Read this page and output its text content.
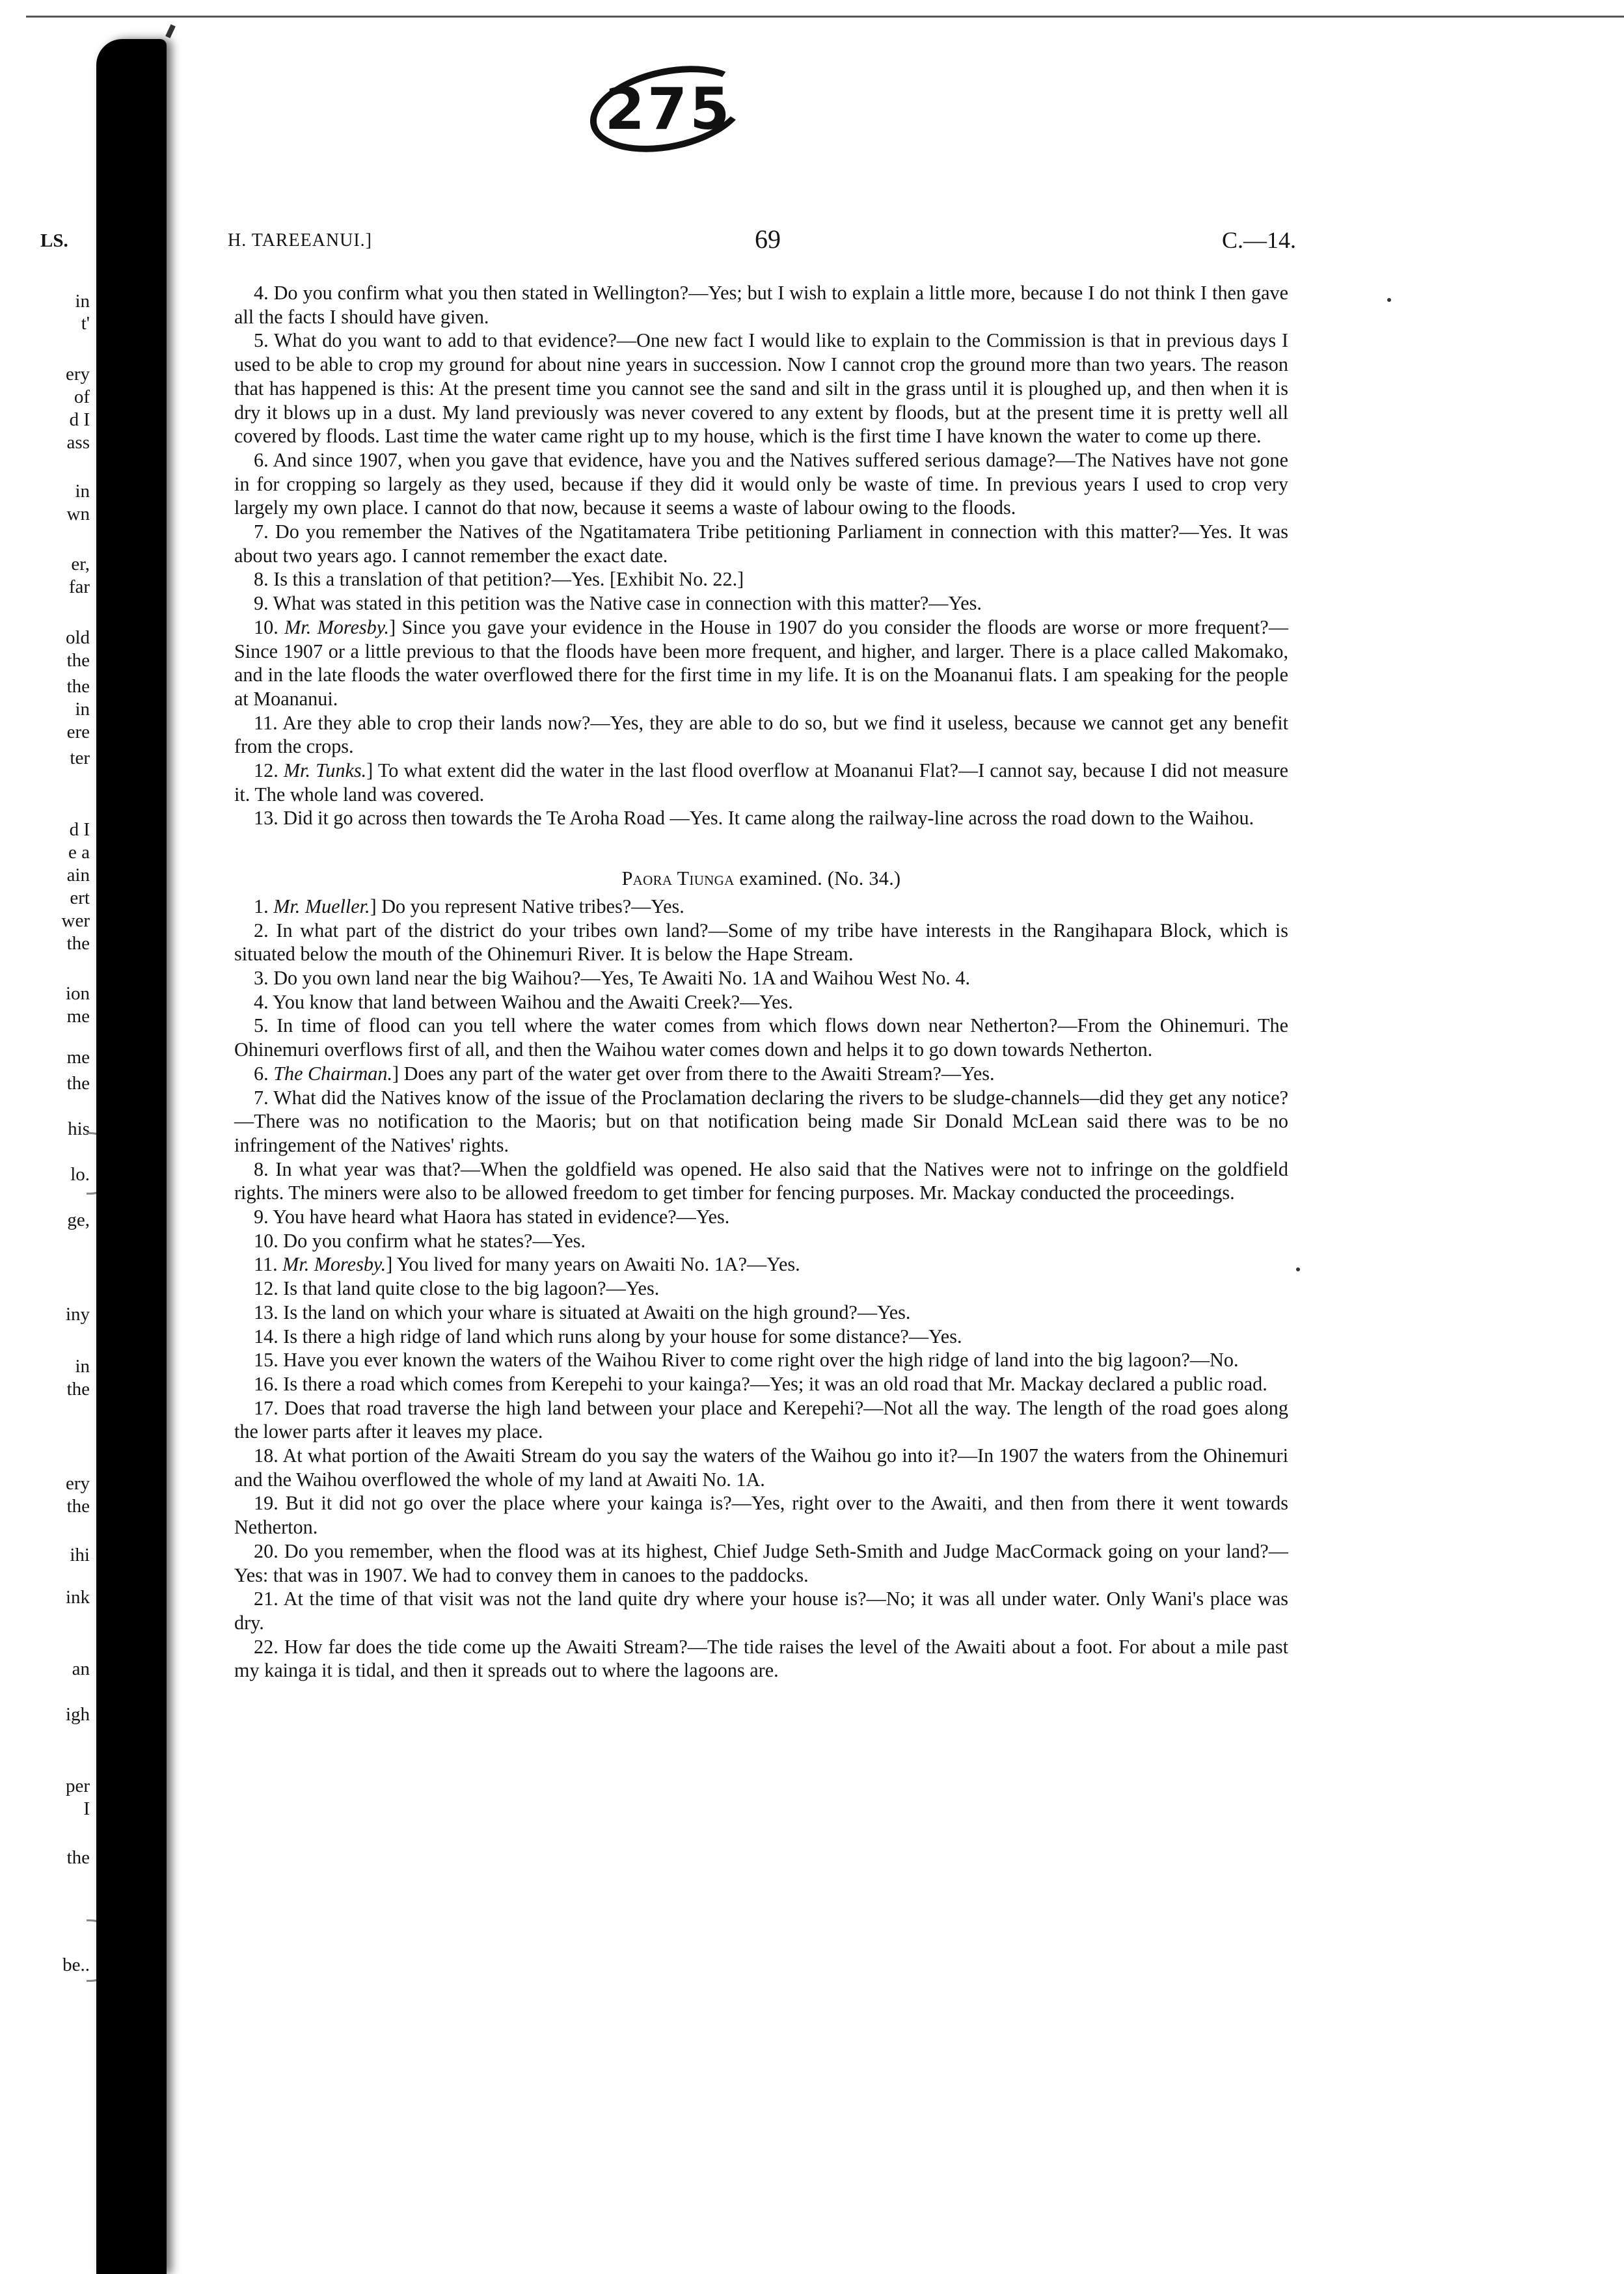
LS.
in
t'
ery
of
d I
ass
in
wn
er,
far
old
the
the
in
ere
ter
d I
e a
ain
ert
wer
the
ion
me
me
the
his
lo.
ge,
iny
in
the
ery
the
ihi
ink
an
igh
per
I
the
be..
275
H. TAREEANUI.]	69	C.—14.

4. Do you confirm what you then stated in Wellington?—Yes; but I wish to explain a little more, because I do not think I then gave all the facts I should have given.

5. What do you want to add to that evidence?—One new fact I would like to explain to the Commission is that in previous days I used to be able to crop my ground for about nine years in succession. Now I cannot crop the ground more than two years. The reason that has happened is this: At the present time you cannot see the sand and silt in the grass until it is ploughed up, and then when it is dry it blows up in a dust. My land previously was never covered to any extent by floods, but at the present time it is pretty well all covered by floods. Last time the water came right up to my house, which is the first time I have known the water to come up there.

6. And since 1907, when you gave that evidence, have you and the Natives suffered serious damage?—The Natives have not gone in for cropping so largely as they used, because if they did it would only be waste of time. In previous years I used to crop very largely my own place. I cannot do that now, because it seems a waste of labour owing to the floods.

7. Do you remember the Natives of the Ngatitamatera Tribe petitioning Parliament in connection with this matter?—Yes. It was about two years ago. I cannot remember the exact date.

8. Is this a translation of that petition?—Yes. [Exhibit No. 22.]

9. What was stated in this petition was the Native case in connection with this matter?—Yes.

10. Mr. Moresby.] Since you gave your evidence in the House in 1907 do you consider the floods are worse or more frequent?—Since 1907 or a little previous to that the floods have been more frequent, and higher, and larger. There is a place called Makomako, and in the late floods the water overflowed there for the first time in my life. It is on the Moananui flats. I am speaking for the people at Moananui.

11. Are they able to crop their lands now?—Yes, they are able to do so, but we find it useless, because we cannot get any benefit from the crops.

12. Mr. Tunks.] To what extent did the water in the last flood overflow at Moananui Flat?—I cannot say, because I did not measure it. The whole land was covered.

13. Did it go across then towards the Te Aroha Road —Yes. It came along the railway-line across the road down to the Waihou.

Paora Tiunga examined. (No. 34.)

1. Mr. Mueller.] Do you represent Native tribes?—Yes.

2. In what part of the district do your tribes own land?—Some of my tribe have interests in the Rangihapara Block, which is situated below the mouth of the Ohinemuri River. It is below the Hape Stream.

3. Do you own land near the big Waihou?—Yes, Te Awaiti No. 1A and Waihou West No. 4.

4. You know that land between Waihou and the Awaiti Creek?—Yes.

5. In time of flood can you tell where the water comes from which flows down near Netherton?—From the Ohinemuri. The Ohinemuri overflows first of all, and then the Waihou water comes down and helps it to go down towards Netherton.

6. The Chairman.] Does any part of the water get over from there to the Awaiti Stream?—Yes.

7. What did the Natives know of the issue of the Proclamation declaring the rivers to be sludge-channels—did they get any notice?—There was no notification to the Maoris; but on that notification being made Sir Donald McLean said there was to be no infringement of the Natives' rights.

8. In what year was that?—When the goldfield was opened. He also said that the Natives were not to infringe on the goldfield rights. The miners were also to be allowed freedom to get timber for fencing purposes. Mr. Mackay conducted the proceedings.

9. You have heard what Haora has stated in evidence?—Yes.

10. Do you confirm what he states?—Yes.

11. Mr. Moresby.] You lived for many years on Awaiti No. 1A?—Yes.

12. Is that land quite close to the big lagoon?—Yes.

13. Is the land on which your whare is situated at Awaiti on the high ground?—Yes.

14. Is there a high ridge of land which runs along by your house for some distance?—Yes.

15. Have you ever known the waters of the Waihou River to come right over the high ridge of land into the big lagoon?—No.

16. Is there a road which comes from Kerepehi to your kainga?—Yes; it was an old road that Mr. Mackay declared a public road.

17. Does that road traverse the high land between your place and Kerepehi?—Not all the way. The length of the road goes along the lower parts after it leaves my place.

18. At what portion of the Awaiti Stream do you say the waters of the Waihou go into it?—In 1907 the waters from the Ohinemuri and the Waihou overflowed the whole of my land at Awaiti No. 1A.

19. But it did not go over the place where your kainga is?—Yes, right over to the Awaiti, and then from there it went towards Netherton.

20. Do you remember, when the flood was at its highest, Chief Judge Seth-Smith and Judge MacCormack going on your land?—Yes: that was in 1907. We had to convey them in canoes to the paddocks.

21. At the time of that visit was not the land quite dry where your house is?—No; it was all under water. Only Wani's place was dry.

22. How far does the tide come up the Awaiti Stream?—The tide raises the level of the Awaiti about a foot. For about a mile past my kainga it is tidal, and then it spreads out to where the lagoons are.
